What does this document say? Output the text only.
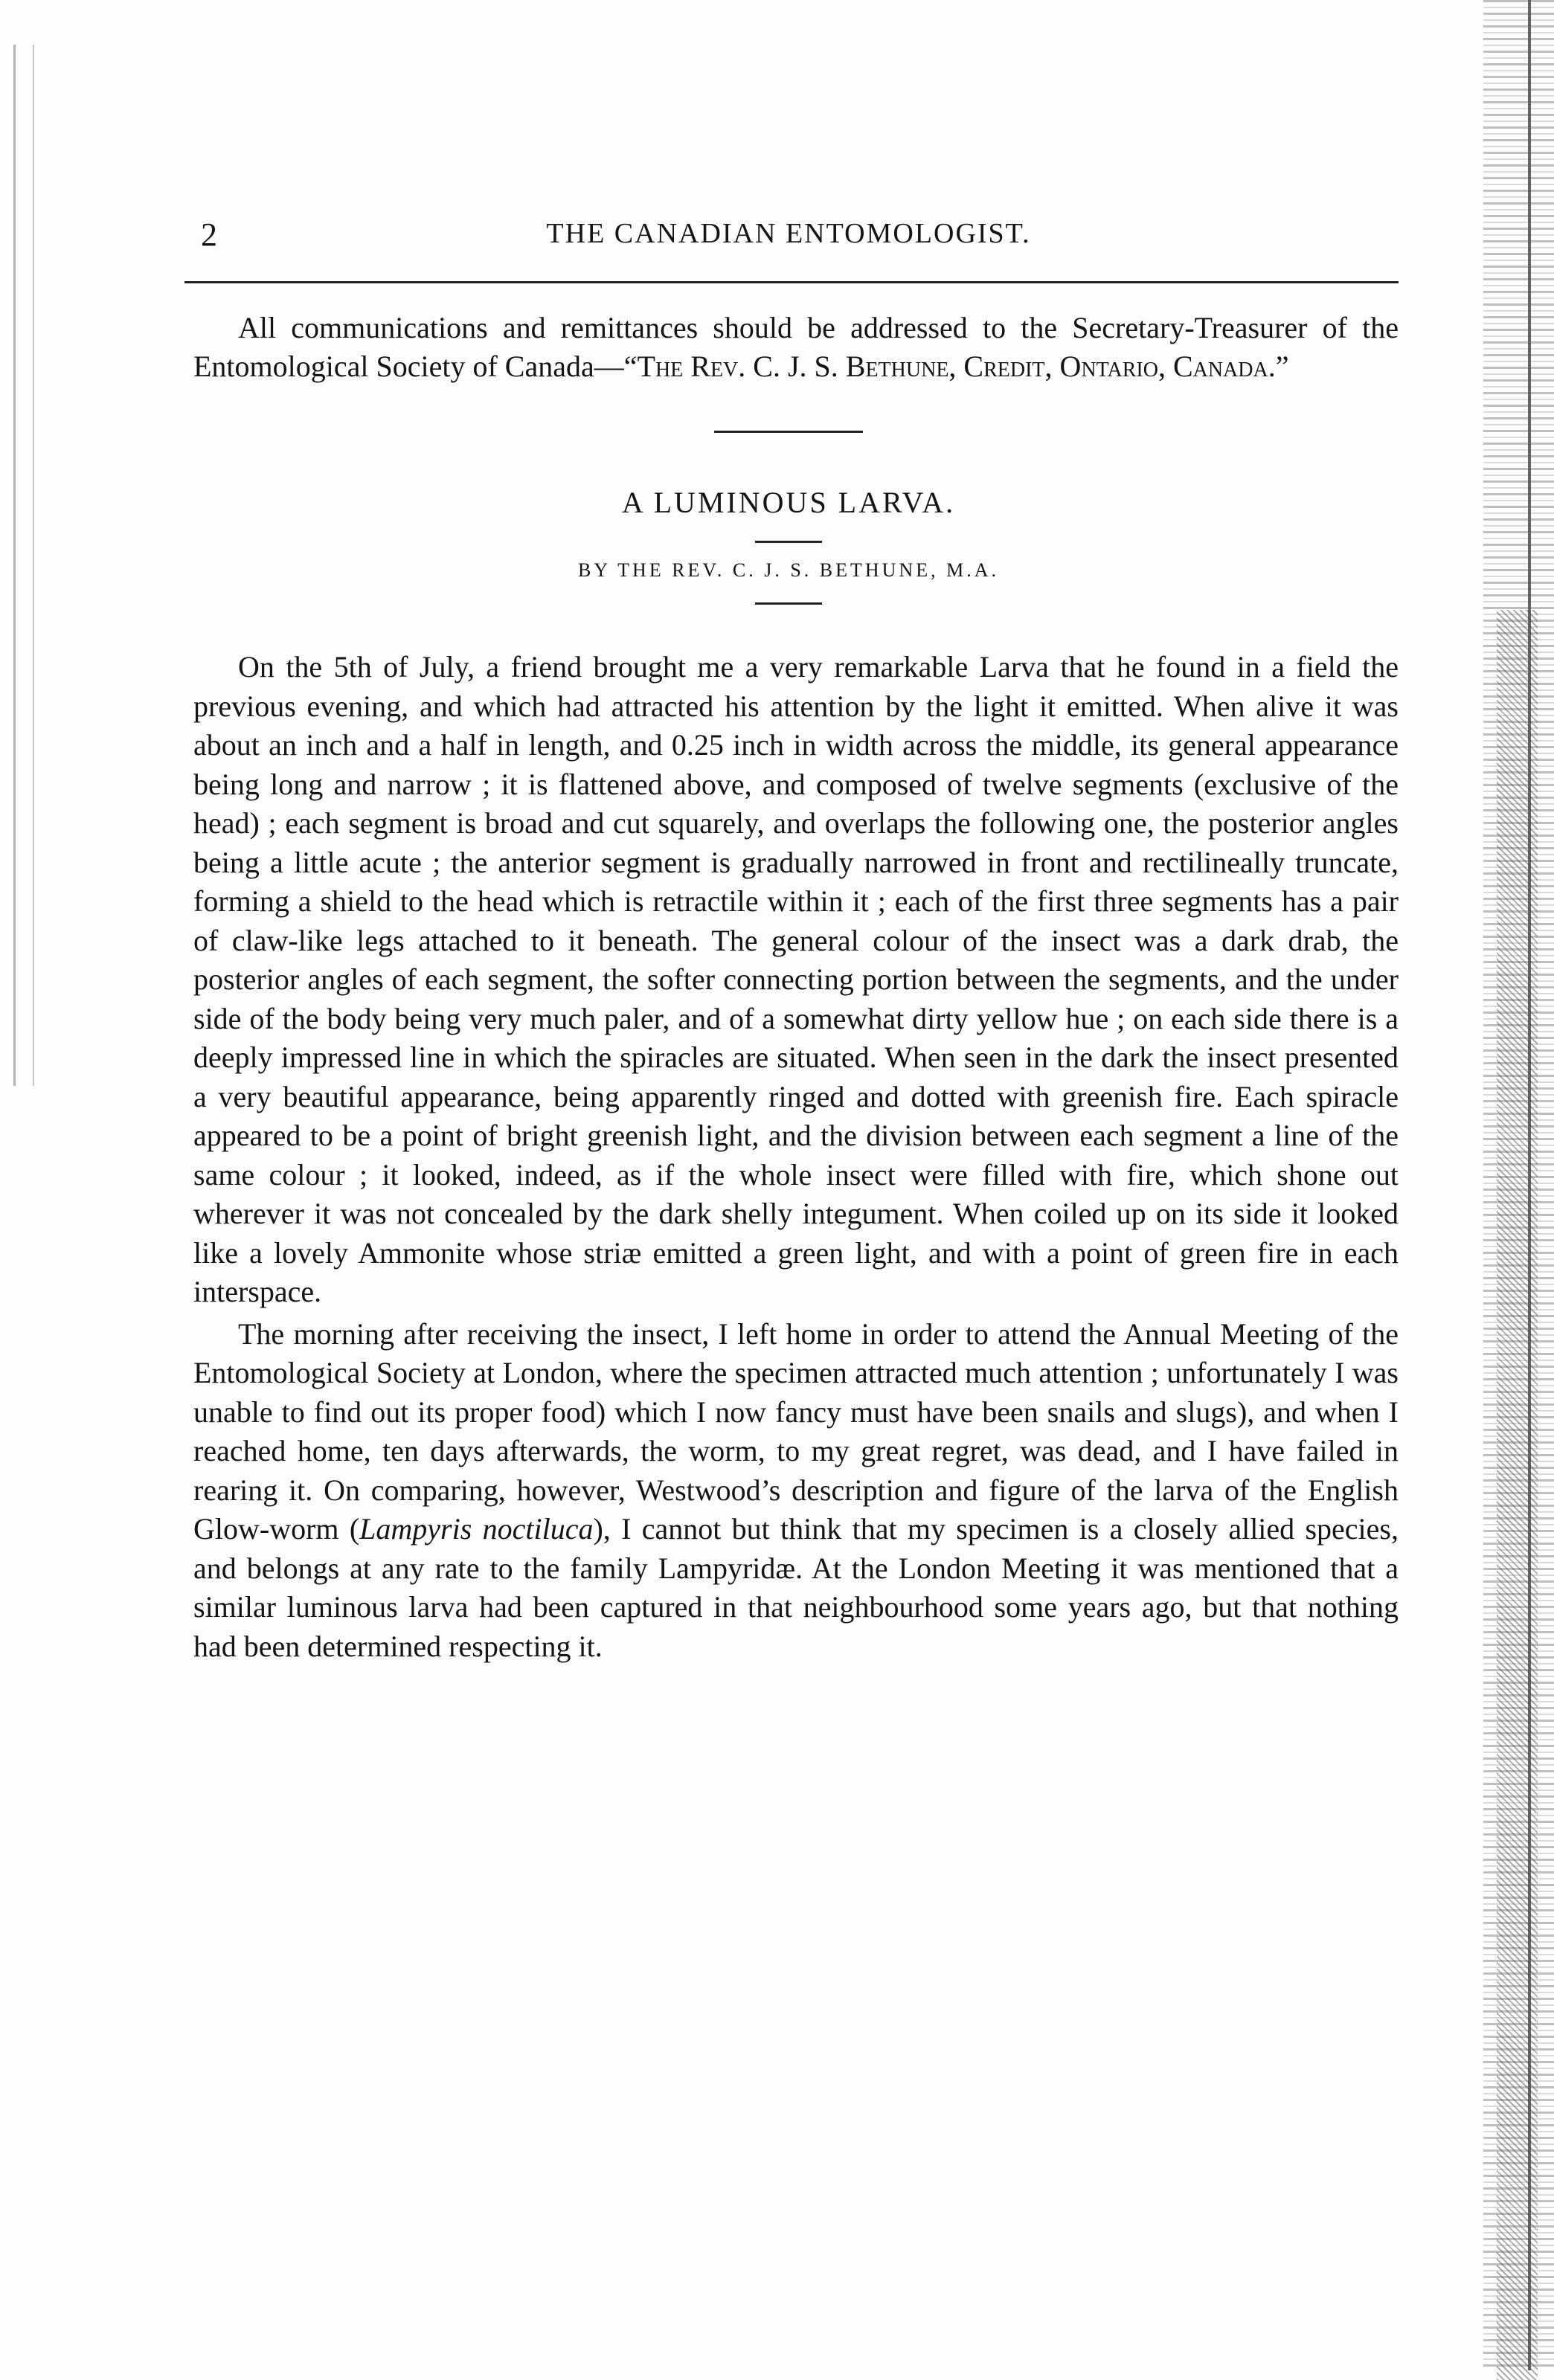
2	THE CANADIAN ENTOMOLOGIST.

All communications and remittances should be addressed to the Secretary-Treasurer of the Entomological Society of Canada—“The Rev. C. J. S. Bethune, Credit, Ontario, Canada.”

A LUMINOUS LARVA.
BY THE REV. C. J. S. BETHUNE, M.A.

On the 5th of July, a friend brought me a very remarkable Larva that he found in a field the previous evening, and which had attracted his attention by the light it emitted. When alive it was about an inch and a half in length, and 0.25 inch in width across the middle, its general appearance being long and narrow ; it is flattened above, and composed of twelve segments (exclusive of the head) ; each segment is broad and cut squarely, and overlaps the following one, the posterior angles being a little acute ; the anterior segment is gradually narrowed in front and rectilineally truncate, forming a shield to the head which is retractile within it ; each of the first three segments has a pair of claw-like legs attached to it beneath. The general colour of the insect was a dark drab, the posterior angles of each segment, the softer connecting portion between the segments, and the under side of the body being very much paler, and of a somewhat dirty yellow hue ; on each side there is a deeply impressed line in which the spiracles are situated. When seen in the dark the insect presented a very beautiful appearance, being apparently ringed and dotted with greenish fire. Each spiracle appeared to be a point of bright greenish light, and the division between each segment a line of the same colour ; it looked, indeed, as if the whole insect were filled with fire, which shone out wherever it was not concealed by the dark shelly integument. When coiled up on its side it looked like a lovely Ammonite whose striæ emitted a green light, and with a point of green fire in each interspace.

The morning after receiving the insect, I left home in order to attend the Annual Meeting of the Entomological Society at London, where the specimen attracted much attention ; unfortunately I was unable to find out its proper food) which I now fancy must have been snails and slugs), and when I reached home, ten days afterwards, the worm, to my great regret, was dead, and I have failed in rearing it. On comparing, however, Westwood’s description and figure of the larva of the English Glow-worm (Lampyris noctiluca), I cannot but think that my specimen is a closely allied species, and belongs at any rate to the family Lampyridæ. At the London Meeting it was mentioned that a similar luminous larva had been captured in that neighbourhood some years ago, but that nothing had been determined respecting it.
